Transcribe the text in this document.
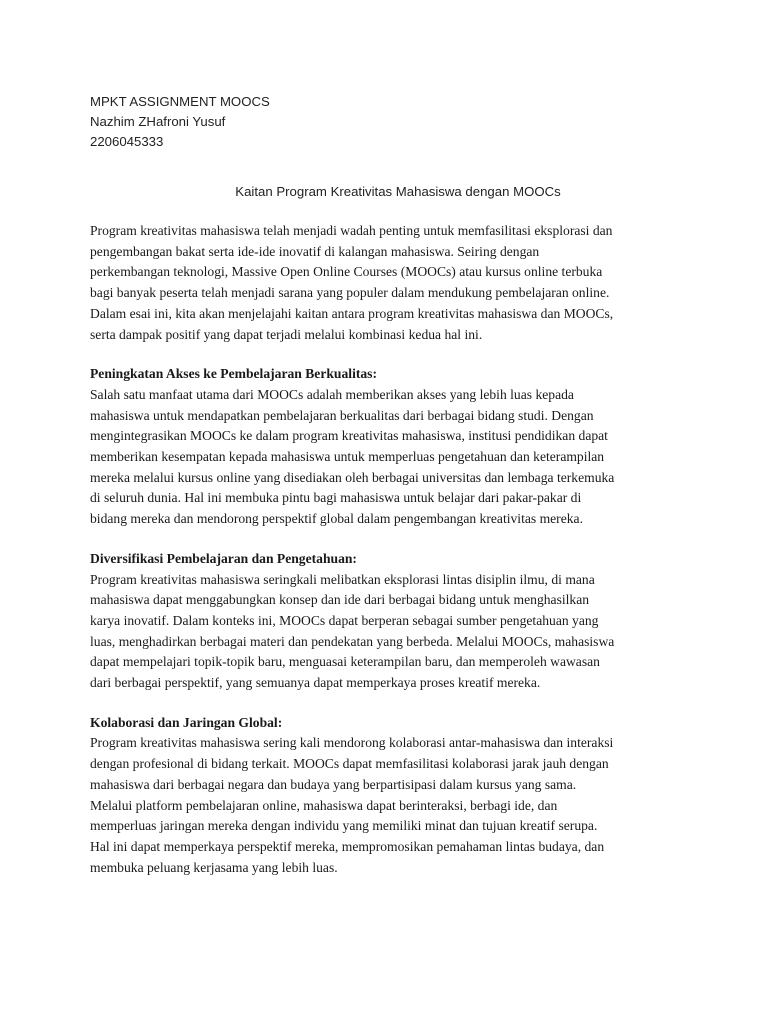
MPKT ASSIGNMENT MOOCS
Nazhim ZHafroni Yusuf
2206045333
Kaitan Program Kreativitas Mahasiswa dengan MOOCs
Program kreativitas mahasiswa telah menjadi wadah penting untuk memfasilitasi eksplorasi dan
pengembangan bakat serta ide-ide inovatif di kalangan mahasiswa. Seiring dengan
perkembangan teknologi, Massive Open Online Courses (MOOCs) atau kursus online terbuka
bagi banyak peserta telah menjadi sarana yang populer dalam mendukung pembelajaran online.
Dalam esai ini, kita akan menjelajahi kaitan antara program kreativitas mahasiswa dan MOOCs,
serta dampak positif yang dapat terjadi melalui kombinasi kedua hal ini.
Peningkatan Akses ke Pembelajaran Berkualitas:
Salah satu manfaat utama dari MOOCs adalah memberikan akses yang lebih luas kepada
mahasiswa untuk mendapatkan pembelajaran berkualitas dari berbagai bidang studi. Dengan
mengintegrasikan MOOCs ke dalam program kreativitas mahasiswa, institusi pendidikan dapat
memberikan kesempatan kepada mahasiswa untuk memperluas pengetahuan dan keterampilan
mereka melalui kursus online yang disediakan oleh berbagai universitas dan lembaga terkemuka
di seluruh dunia. Hal ini membuka pintu bagi mahasiswa untuk belajar dari pakar-pakar di
bidang mereka dan mendorong perspektif global dalam pengembangan kreativitas mereka.
Diversifikasi Pembelajaran dan Pengetahuan:
Program kreativitas mahasiswa seringkali melibatkan eksplorasi lintas disiplin ilmu, di mana
mahasiswa dapat menggabungkan konsep dan ide dari berbagai bidang untuk menghasilkan
karya inovatif. Dalam konteks ini, MOOCs dapat berperan sebagai sumber pengetahuan yang
luas, menghadirkan berbagai materi dan pendekatan yang berbeda. Melalui MOOCs, mahasiswa
dapat mempelajari topik-topik baru, menguasai keterampilan baru, dan memperoleh wawasan
dari berbagai perspektif, yang semuanya dapat memperkaya proses kreatif mereka.
Kolaborasi dan Jaringan Global:
Program kreativitas mahasiswa sering kali mendorong kolaborasi antar-mahasiswa dan interaksi
dengan profesional di bidang terkait. MOOCs dapat memfasilitasi kolaborasi jarak jauh dengan
mahasiswa dari berbagai negara dan budaya yang berpartisipasi dalam kursus yang sama.
Melalui platform pembelajaran online, mahasiswa dapat berinteraksi, berbagi ide, dan
memperluas jaringan mereka dengan individu yang memiliki minat dan tujuan kreatif serupa.
Hal ini dapat memperkaya perspektif mereka, mempromosikan pemahaman lintas budaya, dan
membuka peluang kerjasama yang lebih luas.
